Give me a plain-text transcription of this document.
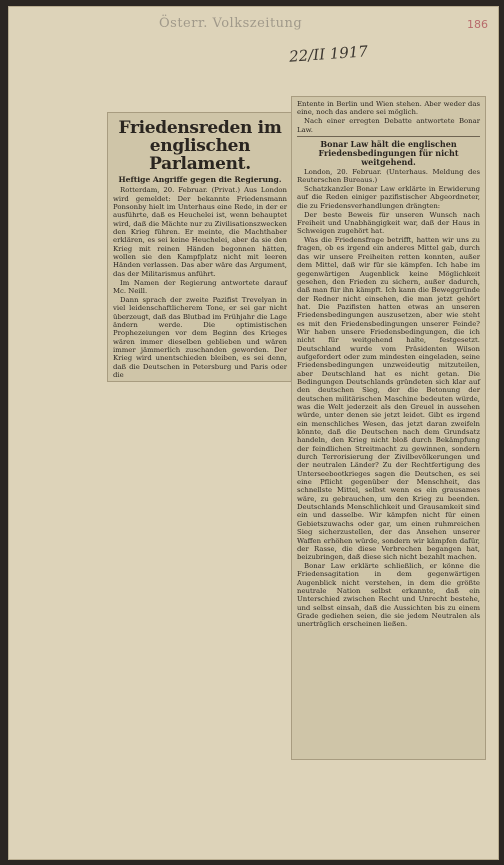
Österr. Volkszeitung	186
22/II 1917
Friedensreden im englischen Parlament.
Heftige Angriffe gegen die Regierung.

Rotterdam, 20. Februar. (Privat.) Aus London wird gemeldet: Der bekannte Friedensmann Ponsonby hielt im Unterhaus eine Rede, in der er ausführte, daß es Heuchelei ist, wenn behauptet wird, daß die Mächte nur zu Zivilisationszwecken den Krieg führen. Er meinte, die Machthaber erklären, es sei keine Heuchelei, aber da sie den Krieg mit reinen Händen begonnen hätten, wollen sie den Kampfplatz nicht mit leeren Händen verlassen. Das aber wäre das Argument, das der Militarismus anführt.

Im Namen der Regierung antwortete darauf Mc. Neill.

Dann sprach der zweite Pazifist Trevelyan in viel leidenschaftlicherem Tone, er sei gar nicht überzeugt, daß das Blutbad im Frühjahr die Lage ändern werde. Die optimistischen Prophezeiungen vor dem Beginn des Krieges wären immer dieselben geblieben und wären immer jämmerlich zuschanden geworden. Der Krieg wird unentschieden bleiben, es sei denn, daß die Deutschen in Petersburg und Paris oder die

Entente in Berlin und Wien stehen. Aber weder das eine, noch das andere sei möglich.

Nach einer erregten Debatte antwortete Bonar Law.

Bonar Law hält die englischen Friedensbedingungen für nicht weitgehend.

London, 20. Februar. (Unterhaus. Meldung des Reuterschen Bureaus.)

Schatzkanzler Bonar Law erklärte in Erwiderung auf die Reden einiger pazifistischer Abgeordneter, die zu Friedensverhandlungen drängten:

Der beste Beweis für unseren Wunsch nach Freiheit und Unabhängigkeit war, daß der Haus in Schweigen zugehört hat.

Was die Friedensfrage betrifft, hatten wir uns zu fragen, ob es irgend ein anderes Mittel gab, durch das wir unsere Freiheiten retten konnten, außer dem Mittel, daß wir für sie kämpfen. Ich habe im gegenwärtigen Augenblick keine Möglichkeit gesehen, den Frieden zu sichern, außer dadurch, daß man für ihn kämpft. Ich kann die Beweggründe der Redner nicht einsehen, die man jetzt gehört hat. Die Pazifisten hatten etwas an unseren Friedensbedingungen auszusetzen, aber wie steht es mit den Friedensbedingungen unserer Feinde? Wir haben unsere Friedensbedingungen, die ich nicht für weitgehend halte, festgesetzt. Deutschland wurde vom Präsidenten Wilson aufgefordert oder zum mindesten eingeladen, seine Friedensbedingungen unzweideutig mitzuteilen, aber Deutschland hat es nicht getan. Die Bedingungen Deutschlands gründeten sich klar auf den deutschen Sieg, der die Betonung der deutschen militärischen Maschine bedeuten würde, was die Welt jederzeit als den Greuel in aussehen würde, unter denen sie jetzt leidet. Gibt es irgend ein menschliches Wesen, das jetzt daran zweifeln könnte, daß die Deutschen nach dem Grundsatz handeln, den Krieg nicht bloß durch Bekämpfung der feindlichen Streitmacht zu gewinnen, sondern durch Terrorisierung der Zivilbevölkerungen und der neutralen Länder? Zu der Rechtfertigung des Unterseebootkrieges sagen die Deutschen, es sei eine Pflicht gegenüber der Menschheit, das schnellste Mittel, selbst wenn es ein grausames wäre, zu gebrauchen, um den Krieg zu beenden. Deutschlands Menschlichkeit und Grausamkeit sind ein und dasselbe. Wir kämpfen nicht für einen Gebietszuwachs oder gar, um einen ruhmreichen Sieg sicherzustellen, der das Ansehen unserer Waffen erhöhen würde, sondern wir kämpfen dafür, der Rasse, die diese Verbrechen begangen hat, beizubringen, daß diese sich nicht bezahlt machen.

Bonar Law erklärte schließlich, er könne die Friedensagitation in dem gegenwärtigen Augenblick nicht verstehen, in dem die größte neutrale Nation selbst erkannte, daß ein Unterschied zwischen Recht und Unrecht bestehe, und selbst einsah, daß die Aussichten bis zu einem Grade gediehen seien, die sie jedem Neutralen als unerträglich erscheinen ließen.
